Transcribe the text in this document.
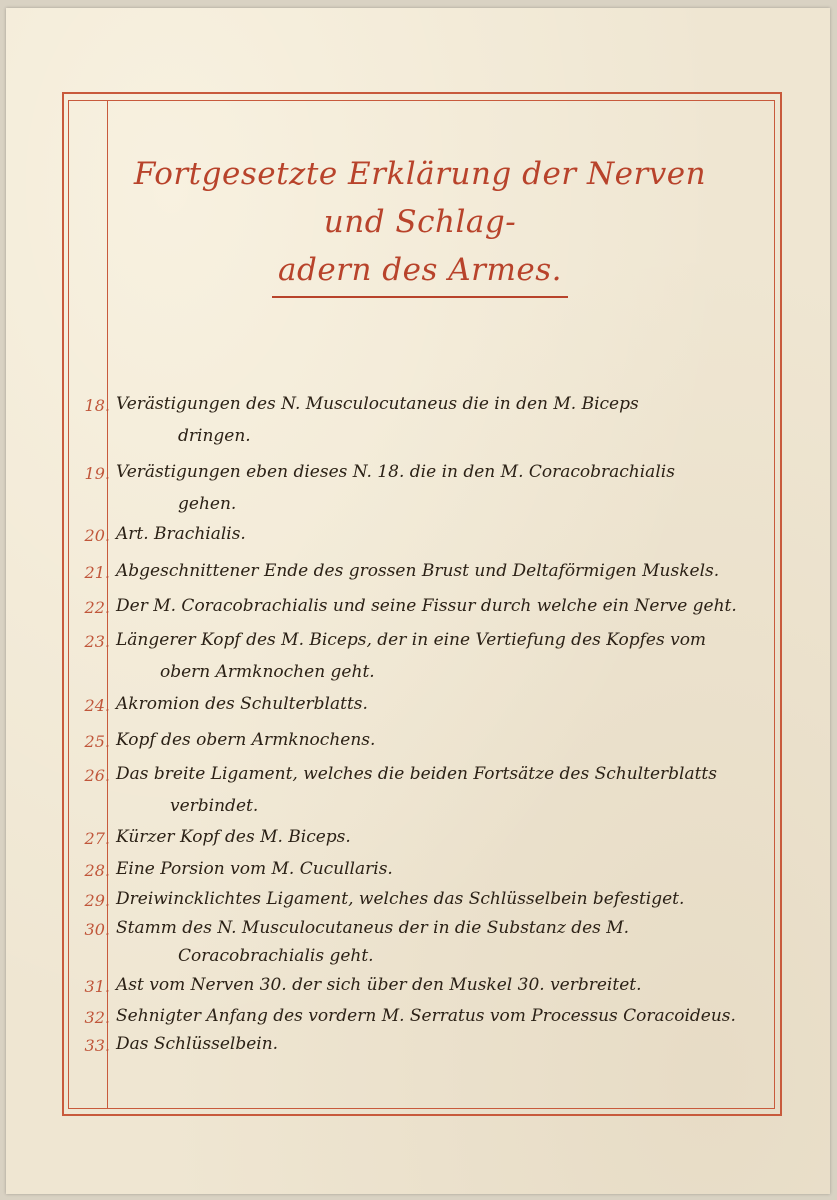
Fortgesetzte Erklärung der Nerven und Schlag-
adern des Armes.
18. Verästigungen des N. Musculocutaneus die in den M. Biceps
dringen.
19. Verästigungen eben dieses N. 18. die in den M. Coracobrachialis
gehen.
20. Art. Brachialis.
21. Abgeschnittener Ende des grossen Brust und Deltaförmigen Muskels.
22. Der M. Coracobrachialis und seine Fissur durch welche ein Nerve geht.
23. Längerer Kopf des M. Biceps, der in eine Vertiefung des Kopfes vom
obern Armknochen geht.
24. Akromion des Schulterblatts.
25. Kopf des obern Armknochens.
26. Das breite Ligament, welches die beiden Fortsätze des Schulterblatts
verbindet.
27. Kürzer Kopf des M. Biceps.
28. Eine Porsion vom M. Cucullaris.
29. Dreiwincklichtes Ligament, welches das Schlüsselbein befestiget.
30. Stamm des N. Musculocutaneus der in die Substanz des M.
Coracobrachialis geht.
31. Ast vom Nerven 30. der sich über den Muskel 30. verbreitet.
32. Sehnigter Anfang des vordern M. Serratus vom Processus Coracoideus.
33. Das Schlüsselbein.
